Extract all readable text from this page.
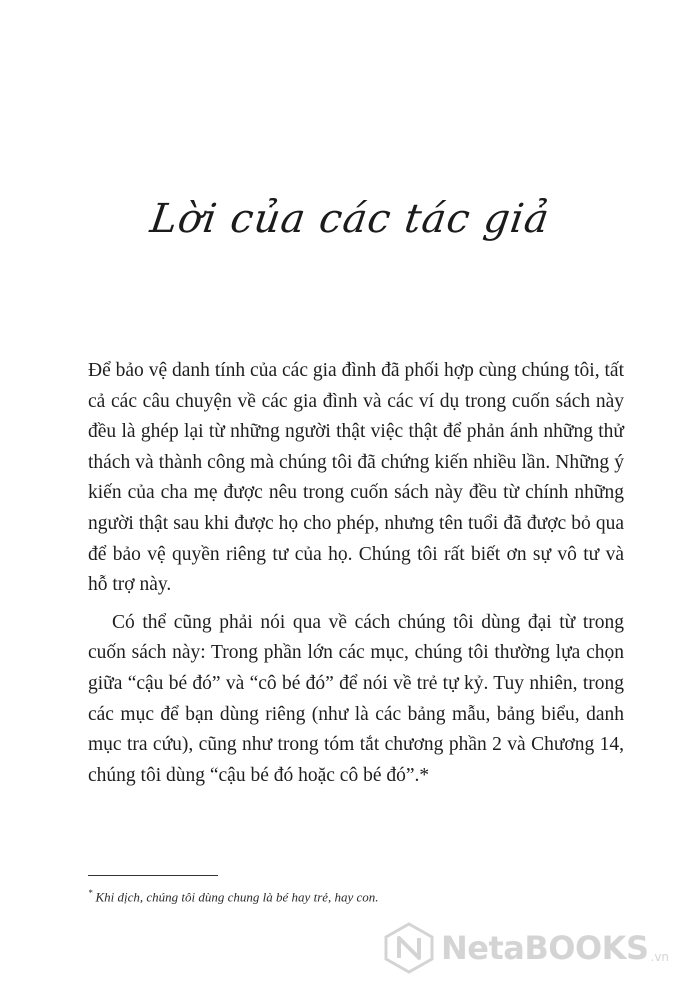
Lời của các tác giả

Để bảo vệ danh tính của các gia đình đã phối hợp cùng chúng tôi, tất cả các câu chuyện về các gia đình và các ví dụ trong cuốn sách này đều là ghép lại từ những người thật việc thật để phản ánh những thử thách và thành công mà chúng tôi đã chứng kiến nhiều lần. Những ý kiến của cha mẹ được nêu trong cuốn sách này đều từ chính những người thật sau khi được họ cho phép, nhưng tên tuổi đã được bỏ qua để bảo vệ quyền riêng tư của họ. Chúng tôi rất biết ơn sự vô tư và hỗ trợ này.

Có thể cũng phải nói qua về cách chúng tôi dùng đại từ trong cuốn sách này: Trong phần lớn các mục, chúng tôi thường lựa chọn giữa “cậu bé đó” và “cô bé đó” để nói về trẻ tự kỷ. Tuy nhiên, trong các mục để bạn dùng riêng (như là các bảng mẫu, bảng biểu, danh mục tra cứu), cũng như trong tóm tắt chương phần 2 và Chương 14, chúng tôi dùng “cậu bé đó hoặc cô bé đó”.*

* Khi dịch, chúng tôi dùng chung là bé hay trẻ, hay con.
NetaBOOKS .vn
